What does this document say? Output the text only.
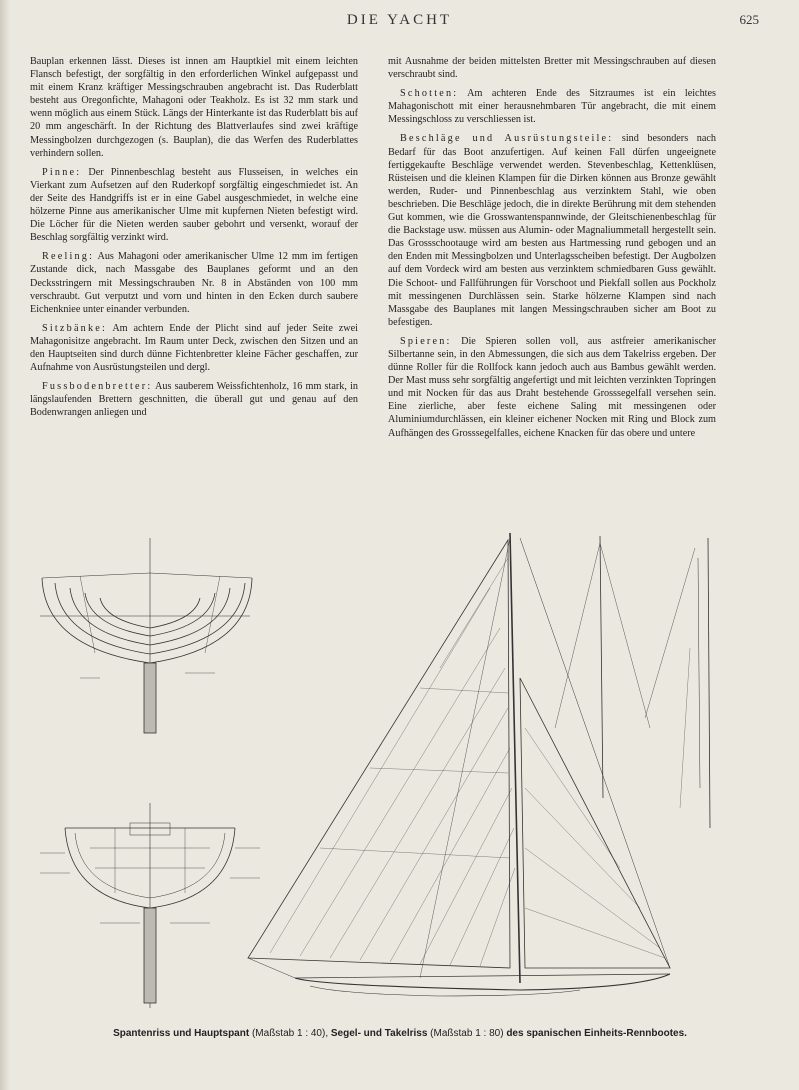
DIE YACHT	625

Bauplan erkennen lässt. Dieses ist innen am Hauptkiel mit einem leichten Flansch befestigt, der sorgfältig in den erforderlichen Winkel aufgepasst und mit einem Kranz kräftiger Messingschrauben angebracht ist. Das Ruderblatt besteht aus Oregonfichte, Mahagoni oder Teakholz. Es ist 32 mm stark und wenn möglich aus einem Stück. Längs der Hinterkante ist das Ruderblatt bis auf 20 mm angeschärft. In der Richtung des Blattverlaufes sind zwei kräftige Messingbolzen durchgezogen (s. Bauplan), die das Werfen des Ruderblattes verhindern sollen.

Pinne: Der Pinnenbeschlag besteht aus Flusseisen, in welches ein Vierkant zum Aufsetzen auf den Ruderkopf sorgfältig eingeschmiedet ist. An der Seite des Handgriffs ist er in eine Gabel ausgeschmiedet, in welche eine hölzerne Pinne aus amerikanischer Ulme mit kupfernen Nieten befestigt wird. Die Löcher für die Nieten werden sauber gebohrt und versenkt, worauf der Beschlag sorgfältig verzinkt wird.

Reeling: Aus Mahagoni oder amerikanischer Ulme 12 mm im fertigen Zustande dick, nach Massgabe des Bauplanes geformt und an den Decksstringern mit Messingschrauben Nr. 8 in Abständen von 100 mm verschraubt. Gut verputzt und vorn und hinten in den Ecken durch saubere Eichenkniee unter einander verbunden.

Sitzbänke: Am achtern Ende der Plicht sind auf jeder Seite zwei Mahagonisitze angebracht. Im Raum unter Deck, zwischen den Sitzen und an den Hauptseiten sind durch dünne Fichtenbretter kleine Fächer geschaffen, zur Aufnahme von Ausrüstungsteilen und dergl.

Fussbodenbretter: Aus sauberem Weissfichtenholz, 16 mm stark, in längslaufenden Brettern geschnitten, die überall gut und genau auf den Bodenwrangen anliegen und

mit Ausnahme der beiden mittelsten Bretter mit Messingschrauben auf diesen verschraubt sind.

Schotten: Am achteren Ende des Sitzraumes ist ein leichtes Mahagonischott mit einer herausnehmbaren Tür angebracht, die mit einem Messingschloss zu verschliessen ist.

Beschläge und Ausrüstungsteile: sind besonders nach Bedarf für das Boot anzufertigen. Auf keinen Fall dürfen ungeeignete fertiggekaufte Beschläge verwendet werden. Stevenbeschlag, Kettenklüsen, Rüsteisen und die kleinen Klampen für die Dirken können aus Bronze gewählt werden, Ruder- und Pinnenbeschlag aus verzinktem Stahl, wie oben beschrieben. Die Beschläge jedoch, die in direkte Berührung mit dem stehenden Gut kommen, wie die Grosswantenspannwinde, der Gleitschienenbeschlag für die Backstage usw. müssen aus Alumin- oder Magnaliummetall hergestellt sein. Das Grossschootauge wird am besten aus Hartmessing rund gebogen und an den Enden mit Messingbolzen und Unterlagsscheiben befestigt. Der Augbolzen auf dem Vordeck wird am besten aus verzinktem schmiedbaren Guss gewählt. Die Schoot- und Fallführungen für Vorschoot und Piekfall sollen aus Pockholz mit messingenen Durchlässen sein. Starke hölzerne Klampen sind nach Massgabe des Bauplanes mit langen Messingschrauben sicher am Boot zu befestigen.

Spieren: Die Spieren sollen voll, aus astfreier amerikanischer Silbertanne sein, in den Abmessungen, die sich aus dem Takelriss ergeben. Der dünne Roller für die Rollfock kann jedoch auch aus Bambus gewählt werden. Der Mast muss sehr sorgfältig angefertigt und mit leichten verzinkten Topringen und mit Nocken für das aus Draht bestehende Grosssegelfall versehen sein. Eine zierliche, aber feste eichene Saling mit messingenen oder Aluminiumdurchlässen, ein kleiner eichener Nocken mit Ring und Block zum Aufhängen des Grosssegelfalles, eichene Knacken für das obere und untere

Spantenriss und Hauptspant (Maßstab 1 : 40), Segel- und Takelriss (Maßstab 1 : 80) des spanischen Einheits-Rennbootes.
